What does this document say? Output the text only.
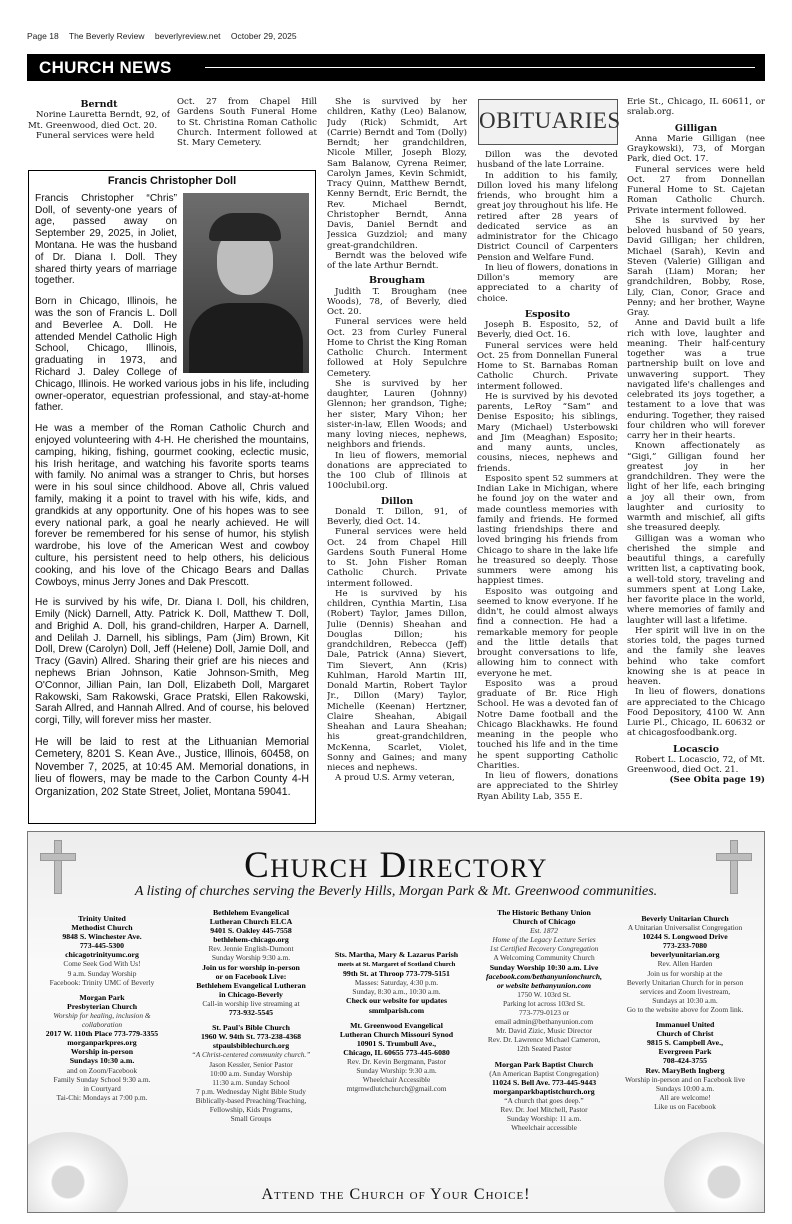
Page 18 The Beverly Review beverlyreview.net October 29, 2025
CHURCH NEWS
Berndt

Norine Lauretta Berndt, 92, of Mt. Greenwood, died Oct. 20.

Funeral services were held

Oct. 27 from Chapel Hill Gardens South Funeral Home to St. Christina Roman Catholic Church. Interment followed at St. Mary Cemetery.

Francis Christopher Doll

Francis Christopher “Chris” Doll, of seventy-one years of age, passed away on September 29, 2025, in Joliet, Montana. He was the husband of Dr. Diana I. Doll. They shared thirty years of marriage together.

Born in Chicago, Illinois, he was the son of Francis L. Doll and Beverlee A. Doll. He attended Mendel Catholic High School, Chicago, Illinois, graduating in 1973, and Richard J. Daley College of Chicago, Illinois. He worked various jobs in his life, including owner-operator, equestrian professional, and stay-at-home father.

He was a member of the Roman Catholic Church and enjoyed volunteering with 4-H. He cherished the mountains, camping, hiking, fishing, gourmet cooking, eclectic music, his Irish heritage, and watching his favorite sports teams with family. No animal was a stranger to Chris, but horses were in his soul since childhood. Above all, Chris valued family, making it a point to travel with his wife, kids, and grandkids at any opportunity. One of his hopes was to see every national park, a goal he nearly achieved. He will forever be remembered for his sense of humor, his stylish wardrobe, his love of the American West and cowboy culture, his persistent need to help others, his delicious cooking, and his love of the Chicago Bears and Dallas Cowboys, minus Jerry Jones and Dak Prescott.

He is survived by his wife, Dr. Diana I. Doll, his children, Emily (Nick) Darnell, Atty. Patrick K. Doll, Matthew T. Doll, and Brighid A. Doll, his grand-children, Harper A. Darnell, and Delilah J. Darnell, his siblings, Pam (Jim) Brown, Kit Doll, Drew (Carolyn) Doll, Jeff (Helene) Doll, Jamie Doll, and Tracy (Gavin) Allred. Sharing their grief are his nieces and nephews Brian Johnson, Katie Johnson-Smith, Meg O'Connor, Jillian Pain, Ian Doll, Elizabeth Doll, Margaret Rakowski, Sam Rakowski, Grace Pratski, Ellen Rakowski, Sarah Allred, and Hannah Allred. And of course, his beloved corgi, Tilly, will forever miss her master.

He will be laid to rest at the Lithuanian Memorial Cemetery, 8201 S. Kean Ave., Justice, Illinois, 60458, on November 7, 2025, at 10:45 AM. Memorial donations, in lieu of flowers, may be made to the Carbon County 4-H Organization, 202 State Street, Joliet, Montana 59041.

She is survived by her children, Kathy (Leo) Balanow, Judy (Rick) Schmidt, Art (Carrie) Berndt and Tom (Dolly) Berndt; her grandchildren, Nicole Miller, Joseph Blozy, Sam Balanow, Cyrena Reimer, Carolyn James, Kevin Schmidt, Tracy Quinn, Matthew Berndt, Kenny Berndt, Eric Berndt, the Rev. Michael Berndt, Christopher Berndt, Anna Davis, Daniel Berndt and Jessica Guzdziol; and many great-grandchildren.

Berndt was the beloved wife of the late Arthur Berndt.

Brougham

Judith T. Brougham (nee Woods), 78, of Beverly, died Oct. 20.

Funeral services were held Oct. 23 from Curley Funeral Home to Christ the King Roman Catholic Church. Interment followed at Holy Sepulchre Cemetery.

She is survived by her daughter, Lauren (Johnny) Glennon; her grandson, Tighe; her sister, Mary Vihon; her sister-in-law, Ellen Woods; and many loving nieces, nephews, neighbors and friends.

In lieu of flowers, memorial donations are appreciated to the 100 Club of Illinois at 100clubil.org.

Dillon

Donald T. Dillon, 91, of Beverly, died Oct. 14.

Funeral services were held Oct. 24 from Chapel Hill Gardens South Funeral Home to St. John Fisher Roman Catholic Church. Private interment followed.

He is survived by his children, Cynthia Martin, Lisa (Robert) Taylor, James Dillon, Julie (Dennis) Sheahan and Douglas Dillon; his grandchildren, Rebecca (Jeff) Dale, Patrick (Anna) Sievert, Tim Sievert, Ann (Kris) Kuhlman, Harold Martin III, Donald Martin, Robert Taylor Jr., Dillon (Mary) Taylor, Michelle (Keenan) Hertzner, Claire Sheahan, Abigail Sheahan and Laura Sheahan; his great-grandchildren, McKenna, Scarlet, Violet, Sonny and Gaines; and many nieces and nephews.

A proud U.S. Army veteran,

OBITUARIES

Dillon was the devoted husband of the late Lorraine.

In addition to his family, Dillon loved his many lifelong friends, who brought him a great joy throughout his life. He retired after 28 years of dedicated service as an administrator for the Chicago District Council of Carpenters Pension and Welfare Fund.

In lieu of flowers, donations in Dillon's memory are appreciated to a charity of choice.

Esposito

Joseph B. Esposito, 52, of Beverly, died Oct. 16.

Funeral services were held Oct. 25 from Donnellan Funeral Home to St. Barnabas Roman Catholic Church. Private interment followed.

He is survived by his devoted parents, LeRoy “Sam” and Denise Esposito; his siblings, Mary (Michael) Usterbowski and Jim (Meaghan) Esposito; and many aunts, uncles, cousins, nieces, nephews and friends.

Esposito spent 52 summers at Indian Lake in Michigan, where he found joy on the water and made countless memories with family and friends. He formed lasting friendships there and loved bringing his friends from Chicago to share in the lake life he treasured so deeply. Those summers were among his happiest times.

Esposito was outgoing and seemed to know everyone. If he didn't, he could almost always find a connection. He had a remarkable memory for people and the little details that brought conversations to life, allowing him to connect with everyone he met.

Esposito was a proud graduate of Br. Rice High School. He was a devoted fan of Notre Dame football and the Chicago Blackhawks. He found meaning in the people who touched his life and in the time he spent supporting Catholic Charities.

In lieu of flowers, donations are appreciated to the Shirley Ryan Ability Lab, 355 E.

Erie St., Chicago, IL 60611, or sralab.org.

Gilligan

Anna Marie Gilligan (nee Graykowski), 73, of Morgan Park, died Oct. 17.

Funeral services were held Oct. 27 from Donnellan Funeral Home to St. Cajetan Roman Catholic Church. Private interment followed.

She is survived by her beloved husband of 50 years, David Gilligan; her children, Michael (Sarah), Kevin and Steven (Valerie) Gilligan and Sarah (Liam) Moran; her grandchildren, Bobby, Rose, Lily, Cian, Conor, Grace and Penny; and her brother, Wayne Gray.

Anne and David built a life rich with love, laughter and meaning. Their half-century together was a true partnership built on love and unwavering support. They navigated life's challenges and celebrated its joys together, a testament to a love that was enduring. Together, they raised four children who will forever carry her in their hearts.

Known affectionately as “Gigi,” Gilligan found her greatest joy in her grandchildren. They were the light of her life, each bringing a joy all their own, from laughter and curiosity to warmth and mischief, all gifts she treasured deeply.

Gilligan was a woman who cherished the simple and beautiful things, a carefully written list, a captivating book, a well-told story, traveling and summers spent at Long Lake, her favorite place in the world, where memories of family and laughter will last a lifetime.

Her spirit will live in on the stories told, the pages turned and the family she leaves behind who take comfort knowing she is at peace in heaven.

In lieu of flowers, donations are appreciated to the Chicago Food Depository, 4100 W. Ann Lurie Pl., Chicago, IL 60632 or at chicagosfoodbank.org.

Locascio

Robert L. Locascio, 72, of Mt. Greenwood, died Oct. 21.

(See Obita page 19)
Church Directory
A listing of churches serving the Beverly Hills, Morgan Park & Mt. Greenwood communities.
Trinity United
Methodist Church
9848 S. Winchester Ave.
773-445-5300
chicagotrinityumc.org
Come Seek God With Us!
9 a.m. Sunday Worship
Facebook: Trinity UMC of Beverly
Morgan Park
Presbyterian Church
Worship for healing, inclusion & collaboration
2017 W. 110th Place 773-779-3355
morganparkpres.org
Worship in-person
Sundays 10:30 a.m.
and on Zoom/Facebook
Family Sunday School 9:30 a.m.
in Courtyard
Tai-Chi: Mondays at 7:00 p.m.
Bethlehem Evangelical
Lutheran Church ELCA
9401 S. Oakley 445-7558
bethlehem-chicago.org
Rev. Jennie English-Dumont
Sunday Worship 9:30 a.m.
Join us for worship in-person
or on Facebook Live:
Bethlehem Evangelical Lutheran
in Chicago-Beverly
Call-in worship live streaming at
773-932-5545
St. Paul's Bible Church
1960 W. 94th St. 773-238-4368
stpaulsbiblechurch.org
“A Christ-centered community church.”
Jason Kessler, Senior Pastor
10:00 a.m. Sunday Worship
11:30 a.m. Sunday School
7 p.m. Wednesday Night Bible Study
Biblically-based Preaching/Teaching,
Fellowship, Kids Programs,
Small Groups
Sts. Martha, Mary & Lazarus Parish
meets at St. Margaret of Scotland Church
99th St. at Throop 773-779-5151
Masses: Saturday, 4:30 p.m.
Sunday, 8:30 a.m., 10:30 a.m.
Check our website for updates
smmlparish.com
Mt. Greenwood Evangelical
Lutheran Church Missouri Synod
10901 S. Trumbull Ave.,
Chicago, IL 60655 773-445-6080
Rev. Dr. Kevin Bergmann, Pastor
Sunday Worship: 9:30 a.m.
Wheelchair Accessible
mtgrnwdlutchchurch@gmail.com
The Historic Bethany Union
Church of Chicago
Est. 1872
Home of the Legacy Lecture Series
1st Certified Recovery Congregation
A Welcoming Community Church
Sunday Worship 10:30 a.m. Live
facebook.com/bethanyunionchurch,
or website bethanyunion.com
1750 W. 103rd St.
Parking lot across 103rd St.
773-779-0123 or
email admin@bethanyunion.com
Mr. David Zizic, Music Director
Rev. Dr. Lawrence Michael Cameron,
12th Seated Pastor
Morgan Park Baptist Church
(An American Baptist Congregation)
11024 S. Bell Ave. 773-445-9443
morganparkbaptistchurch.org
“A church that goes deep.”
Rev. Dr. Joel Mitchell, Pastor
Sunday Worship: 11 a.m.
Wheelchair accessible
Beverly Unitarian Church
A Unitarian Universalist Congregation
10244 S. Longwood Drive
773-233-7080
beverlyunitarian.org
Rev. Allen Harden
Join us for worship at the
Beverly Unitarian Church for in person
services and Zoom livestream,
Sundays at 10:30 a.m.
Go to the website above for Zoom link.
Immanuel United
Church of Christ
9815 S. Campbell Ave.,
Evergreen Park
708-424-3755
Rev. MaryBeth Ingberg
Worship in-person and on Facebook live
Sundays 10:00 a.m.
All are welcome!
Like us on Facebook
Attend the Church of Your Choice!
